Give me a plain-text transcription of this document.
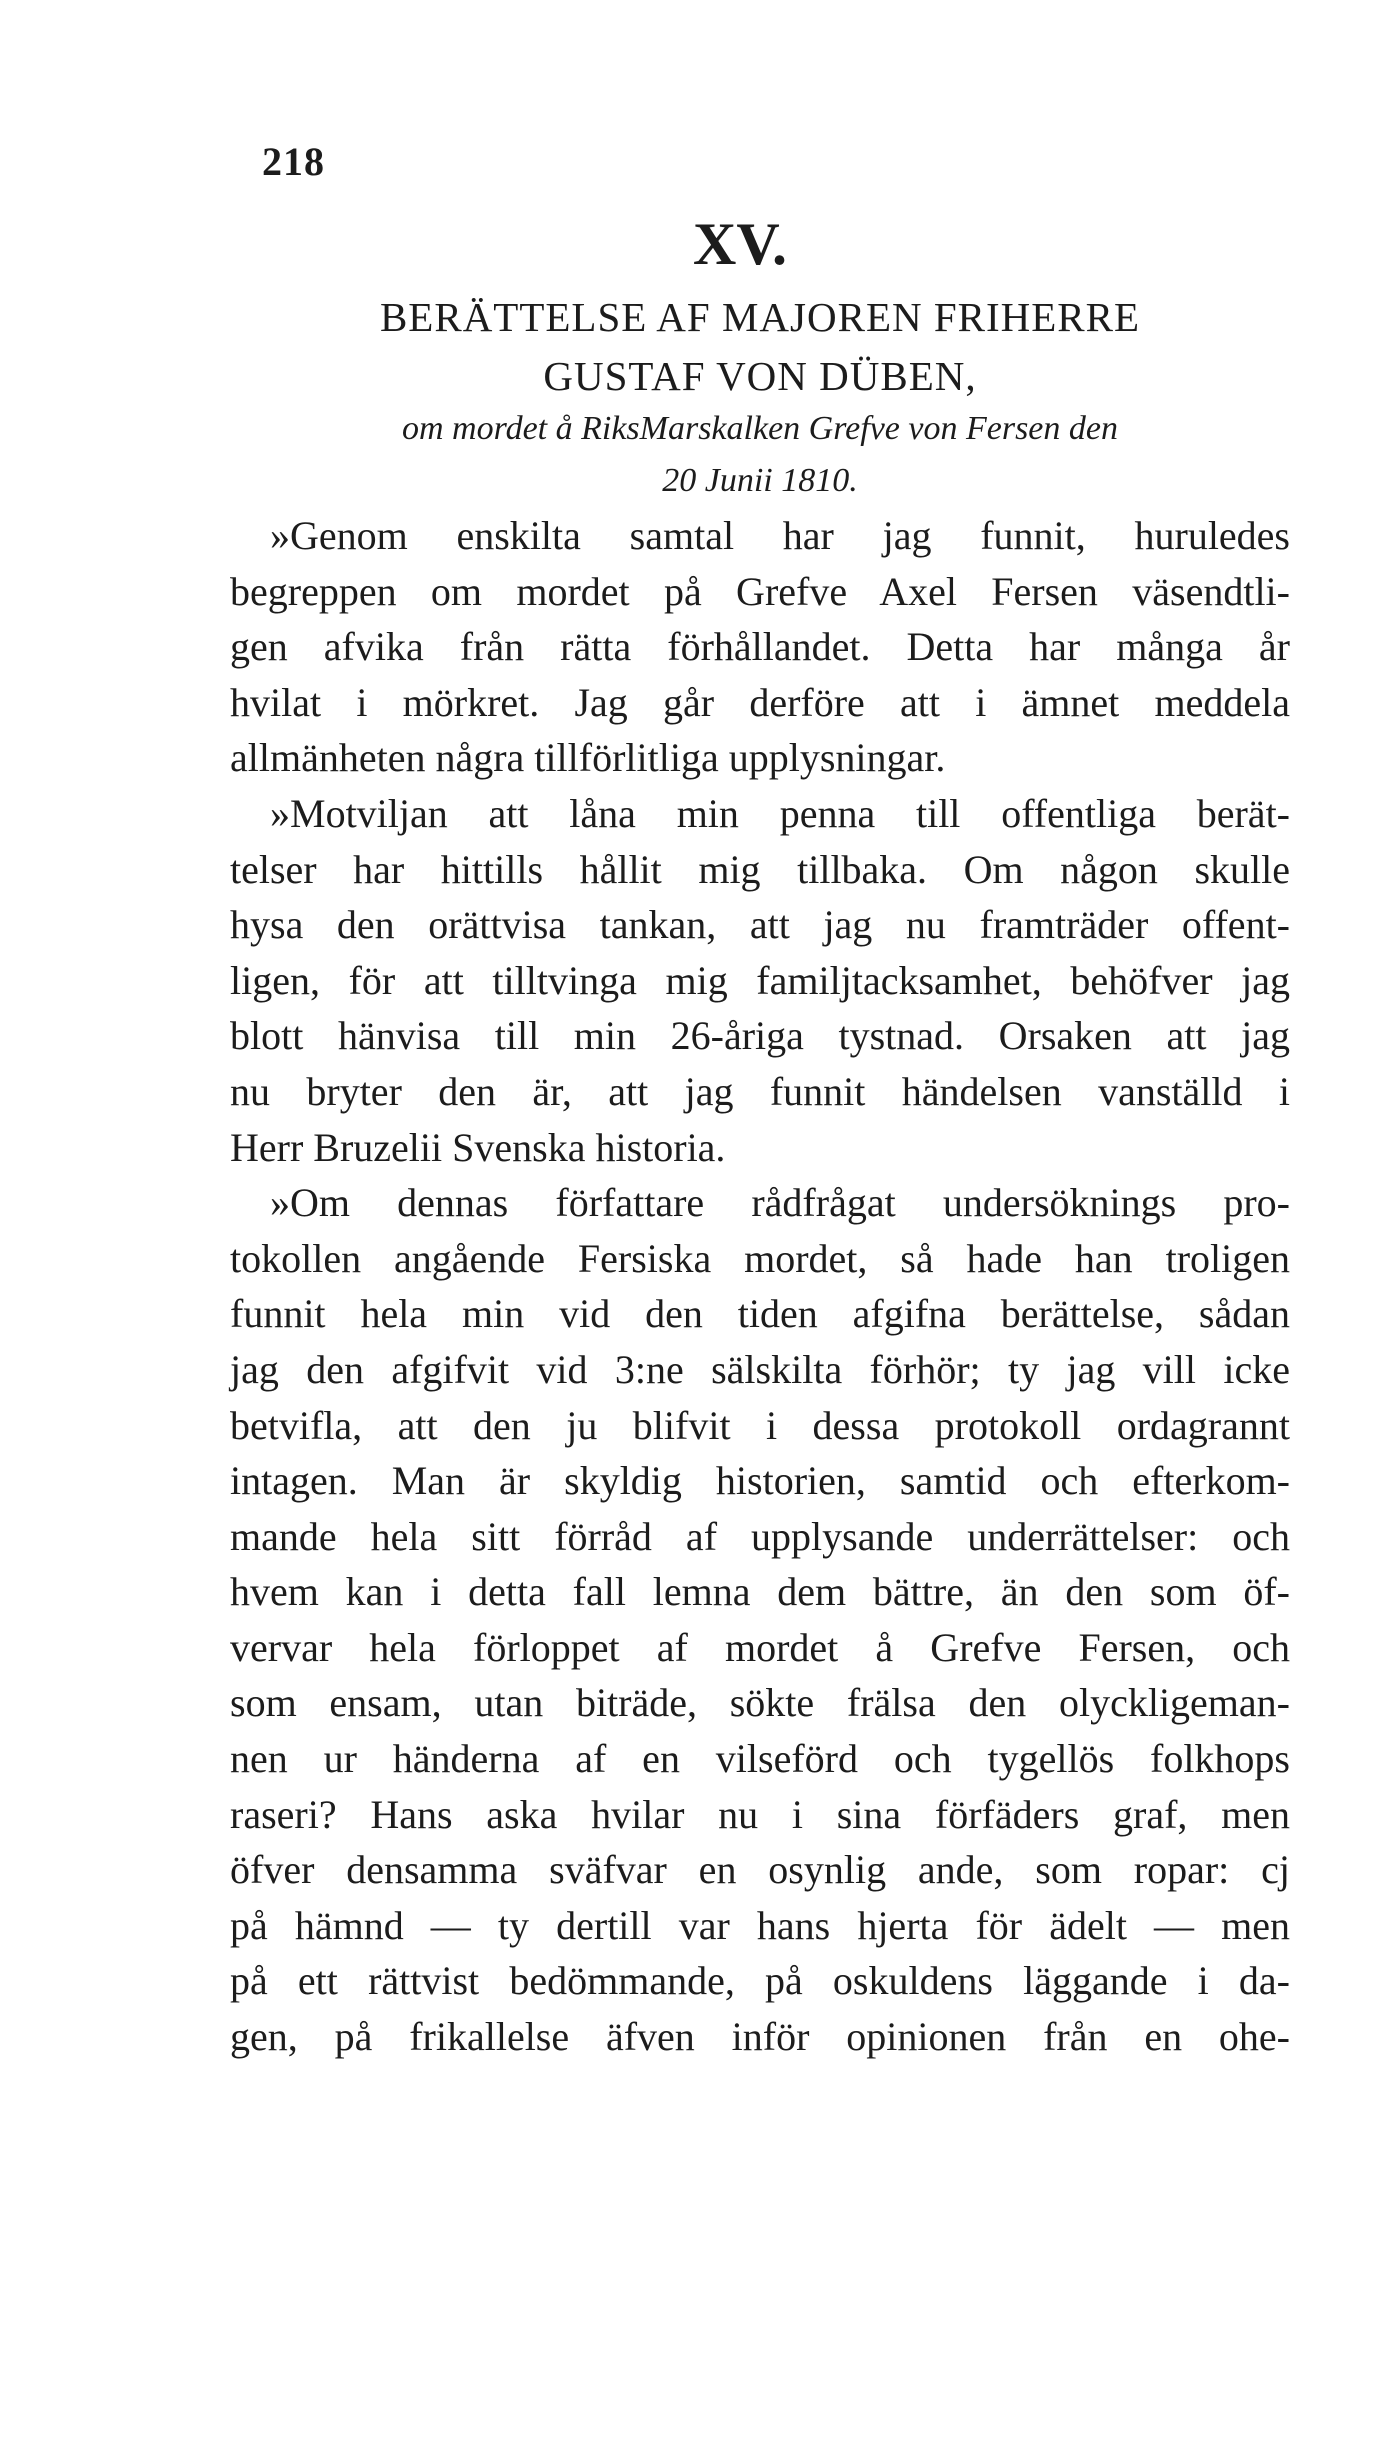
218
XV.
BERÄTTELSE AF MAJOREN FRIHERRE
GUSTAF VON DÜBEN,
om mordet å RiksMarskalken Grefve von Fersen den
20 Junii 1810.
»Genom enskilta samtal har jag funnit, huruledes
begreppen om mordet på Grefve Axel Fersen väsendtli-
gen afvika från rätta förhållandet. Detta har många år
hvilat i mörkret. Jag går derföre att i ämnet meddela
allmänheten några tillförlitliga upplysningar.
»Motviljan att låna min penna till offentliga berät-
telser har hittills hållit mig tillbaka. Om någon skulle
hysa den orättvisa tankan, att jag nu framträder offent-
ligen, för att tilltvinga mig familjtacksamhet, behöfver jag
blott hänvisa till min 26-åriga tystnad. Orsaken att jag
nu bryter den är, att jag funnit händelsen vanställd i
Herr Bruzelii Svenska historia.
»Om dennas författare rådfrågat undersöknings pro-
tokollen angående Fersiska mordet, så hade han troligen
funnit hela min vid den tiden afgifna berättelse, sådan
jag den afgifvit vid 3:ne sälskilta förhör; ty jag vill icke
betvifla, att den ju blifvit i dessa protokoll ordagrannt
intagen. Man är skyldig historien, samtid och efterkom-
mande hela sitt förråd af upplysande underrättelser: och
hvem kan i detta fall lemna dem bättre, än den som öf-
vervar hela förloppet af mordet å Grefve Fersen, och
som ensam, utan biträde, sökte frälsa den olyckligeman-
nen ur händerna af en vilseförd och tygellös folkhops
raseri? Hans aska hvilar nu i sina förfäders graf, men
öfver densamma sväfvar en osynlig ande, som ropar: cj
på hämnd — ty dertill var hans hjerta för ädelt — men
på ett rättvist bedömmande, på oskuldens läggande i da-
gen, på frikallelse äfven inför opinionen från en ohe-
